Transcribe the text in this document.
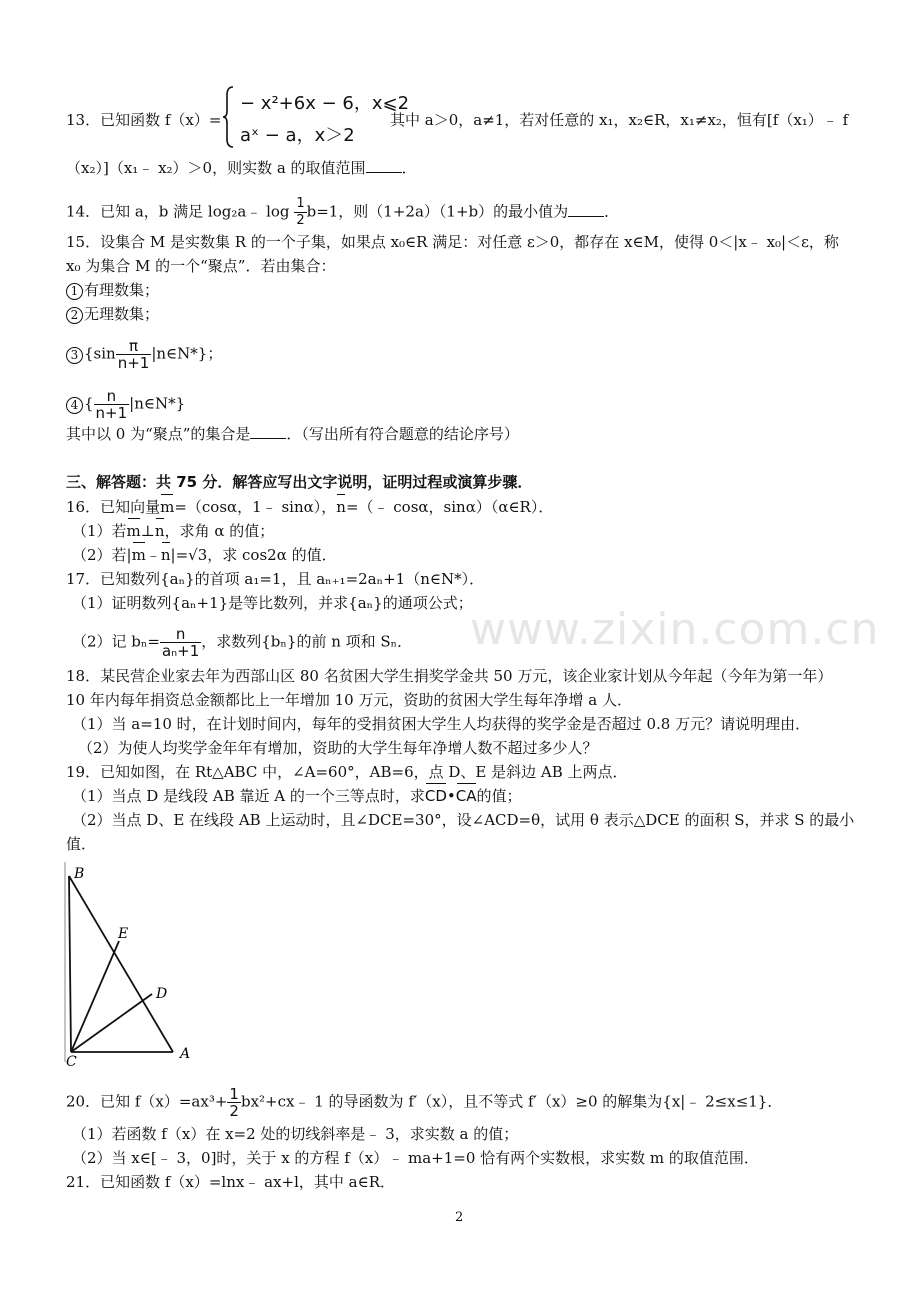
www.zixin.com.cn
13．已知函数 f（x）=
− x²+6x − 6，x⩽2
aˣ − a，x＞2
其中 a＞0，a≠1，若对任意的 x₁，x₂∈R，x₁≠x₂，恒有[f（x₁）﹣ f
（x₂）]（x₁﹣ x₂）＞0，则实数 a 的取值范围 ．
14．已知 a，b 满足 log₂a﹣ $\log \frac{1}{2} b=1$，则（1+2a）（1+b）的最小值为 ．
15．设集合 M 是实数集 R 的一个子集，如果点 x₀∈R 满足：对任意 ε＞0，都存在 x∈M，使得 0＜|x﹣ x₀|＜ε，称
x₀ 为集合 M 的一个“聚点”．若由集合：
1 有理数集；
2 无理数集；
3 {$\sin \frac{\pi}{n+1}$ |n∈N*}；
4 { $\frac{n}{n+1}$ |n∈N*}
其中以 0 为“聚点”的集合是 ．（写出所有符合题意的结论序号）
三、解答题：共 75 分．解答应写出文字说明，证明过程或演算步骤．
16．已知向量m=（cosα，1﹣ sinα），n=（﹣ cosα，sinα）（α∈R）．
（1）若m⊥n，求角 α 的值；
（2）若|m﹣n|=√3，求 cos2α 的值．
17．已知数列{aₙ}的首项 a₁=1，且 aₙ₊₁=2aₙ+1（n∈N*）．
（1）证明数列{aₙ+1}是等比数列，并求{aₙ}的通项公式；
（2）记 $b_n= \frac{n}{\text{aₙ+1}}$ ，求数列{bₙ}的前 n 项和 Sₙ．
18．某民营企业家去年为西部山区 80 名贫困大学生捐奖学金共 50 万元，该企业家计划从今年起（今年为第一年）
10 年内每年捐资总金额都比上一年增加 10 万元，资助的贫困大学生每年净增 a 人．
（1）当 a=10 时，在计划时间内，每年的受捐贫困大学生人均获得的奖学金是否超过 0.8 万元？请说明理由．
（2）为使人均奖学金年年有增加，资助的大学生每年净增人数不超过多少人？
19．已知如图，在 Rt△ABC 中，∠A=60°，AB=6，点 D、E 是斜边 AB 上两点．
（1）当点 D 是线段 AB 靠近 A 的一个三等点时，求CD•CA的值；
（2）当点 D、E 在线段 AB 上运动时，且∠DCE=30°，设∠ACD=θ，试用 θ 表示△DCE 的面积 S，并求 S 的最小
值．
B
E
D
C	A
20．已知 $f(x)=ax^3+ \frac{1}{2}$ bx²+cx﹣ 1 的导函数为 f′（x），且不等式 f′（x）≥0 的解集为{x|﹣ 2≤x≤1}．
（1）若函数 f（x）在 x=2 处的切线斜率是﹣ 3，求实数 a 的值；
（2）当 x∈[﹣ 3，0]时，关于 x 的方程 f（x）﹣ ma+1=0 恰有两个实数根，求实数 m 的取值范围．
21．已知函数 f（x）=lnx﹣ ax+l，其中 a∈R．
2
